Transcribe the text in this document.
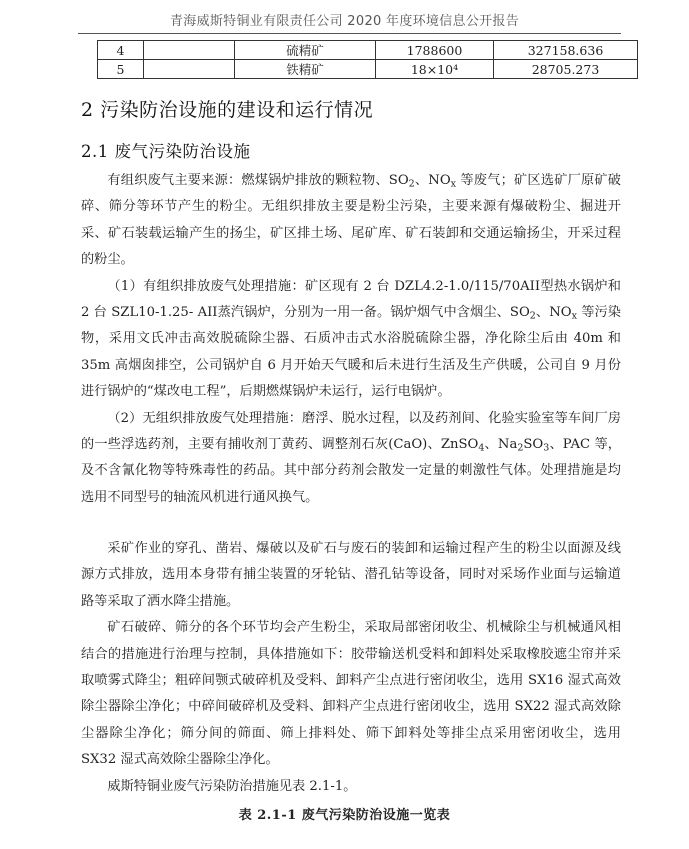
青海威斯特铜业有限责任公司 2020 年度环境信息公开报告
4		硫精矿	1788600	327158.636
5		铁精矿	18×10⁴	28705.273
2 污染防治设施的建设和运行情况
2.1 废气污染防治设施

有组织废气主要来源：燃煤锅炉排放的颗粒物、$SO_2$、$NO_x$ 等废气；矿区选矿厂原矿破碎、筛分等环节产生的粉尘。无组织排放主要是粉尘污染，主要来源有爆破粉尘、掘进开采、矿石装载运输产生的扬尘，矿区排土场、尾矿库、矿石装卸和交通运输扬尘，开采过程的粉尘。

（1）有组织排放废气处理措施：矿区现有 2 台 DZL4.2-1.0/115/70AII型热水锅炉和 2 台 SZL10-1.25- AII蒸汽锅炉，分别为一用一备。锅炉烟气中含烟尘、$SO_2$、$NO_x$ 等污染物，采用文氏冲击高效脱硫除尘器、石质冲击式水浴脱硫除尘器，净化除尘后由 40m 和 35m 高烟囱排空，公司锅炉自 6 月开始天气暖和后未进行生活及生产供暖，公司自 9 月份进行锅炉的“煤改电工程”，后期燃煤锅炉未运行，运行电锅炉。

（2）无组织排放废气处理措施：磨浮、脱水过程，以及药剂间、化验实验室等车间厂房的一些浮选药剂，主要有捕收剂丁黄药、调整剂石灰(CaO)、ZnSO$_4$、$Na_2SO_3$、PAC 等，及不含氰化物等特殊毒性的药品。其中部分药剂会散发一定量的刺激性气体。处理措施是均选用不同型号的轴流风机进行通风换气。

采矿作业的穿孔、凿岩、爆破以及矿石与废石的装卸和运输过程产生的粉尘以面源及线源方式排放，选用本身带有捕尘装置的牙轮钻、潜孔钻等设备，同时对采场作业面与运输道路等采取了洒水降尘措施。

矿石破碎、筛分的各个环节均会产生粉尘，采取局部密闭收尘、机械除尘与机械通风相结合的措施进行治理与控制，具体措施如下：胶带输送机受料和卸料处采取橡胶遮尘帘并采取喷雾式降尘；粗碎间颚式破碎机及受料、卸料产尘点进行密闭收尘，选用 SX16 湿式高效除尘器除尘净化；中碎间破碎机及受料、卸料产尘点进行密闭收尘，选用 SX22 湿式高效除尘器除尘净化；筛分间的筛面、筛上排料处、筛下卸料处等排尘点采用密闭收尘，选用 SX32 湿式高效除尘器除尘净化。

威斯特铜业废气污染防治措施见表 2.1-1。

表 2.1-1 废气污染防治设施一览表
